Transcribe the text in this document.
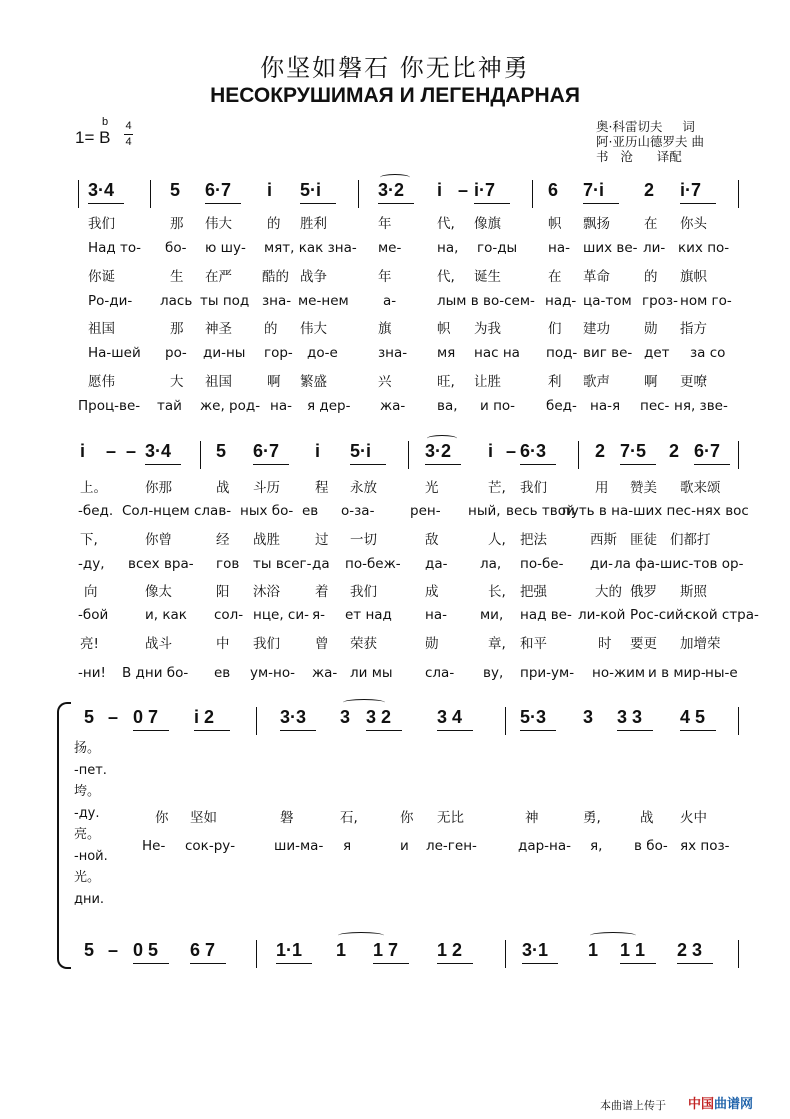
你坚如磐石 你无比神勇
НЕСОКРУШИМАЯ И ЛЕГЕНДАРНАЯ
1= B
b 4
4
奥·科雷切夫     词
阿·亚历山德罗夫 曲
书   沧      译配
3·4	5 6·7 i 5·i	3·2 i – i·7	6 7·i 2 i·7
我们	那 伟大	的 胜利	年	代, 像旗	帜 飘扬	在 你头
Над то- бо- ю шу- мят, как зна- ме-	на, го-ды на- ших ве- ли- ких по-
你诞	生 在严 酷的 战争	年	代, 诞生	在 革命	的 旗帜
Ро-ди- лась ты под зна- ме-нем	а-	лым в во-сем- над- ца-том гроз- ном го-
祖国	那 神圣 的 伟大	旗	帜 为我	们 建功	勋 指方
На-шей ро- ди-ны гор- до-е	зна- мя нас на под- виг ве- дет за со
愿伟	大 祖国	啊 繁盛	兴	旺, 让胜	利 歌声	啊 更嘹
Проц-ве- тай же, род- на- я дер- жа- ва, и по- бед- на-я пес- ня, зве-
i – – 3·4 5 6·7 i 5·i	3·2 i – 6·3	2 7·5 2 6·7
上。	你那	战 斗历	程 永放	光	芒, 我们	用 赞美 歌来颂
-бед. Сол-нцем слав- ных бо- ев о-за-	рен- ный, весь твой
путь в на-ших пес-нях вос
下,	你曾	经 战胜	过 一切	敌	人, 把法	西斯 匪徒 们都打
-ду, всех вра- гов ты всег- да по-беж- да- ла, по-бе- ди- ла фа- шис-тов ор-
向	像太	阳 沐浴	着 我们	成	长, 把强	大的 俄罗 斯照
-бой	и, как сол- нце, си- я- ет над на- ми, над ве- ли-кой Рос-сий-
ской стра-
亮!	战斗	中 我们	曾 荣获	勋	章, 和平	时 要更 加增荣
-ни! В дни бо- ев ум-но- жа- ли мы сла- ву, при-ум- но-жим и в мир- ны-е
5 – 0 7 i 2	3·3 3 3 2	3 4	5·3 3 3 3 4 5
扬。
-пет.
垮。
-ду.
亮。
-ной.
光。
дни.
你 坚如	磐	石,	你 无比	神	勇,	战 火中
Не- сок-ру-	ши-ма- я	и ле-ген-	дар-на- я, в бо- ях поз-
5 – 0 5 6 7	1·1 1 1 7 1 2	3·1 1 1 1 2 3
本曲谱上传于 中国曲谱网
